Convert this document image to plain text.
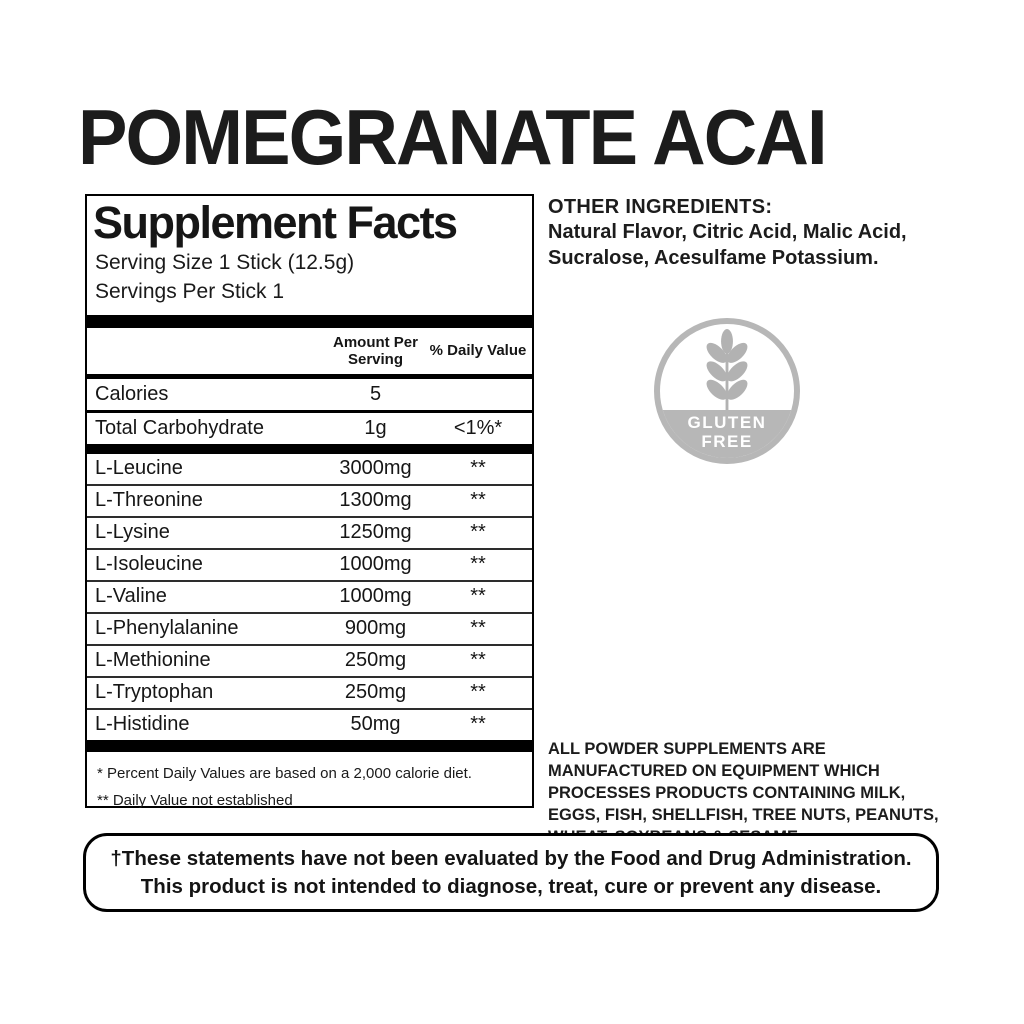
POMEGRANATE ACAI
Supplement Facts
Serving Size 1 Stick (12.5g)
Servings Per Stick 1
Amount Per Serving
% Daily Value
Calories	5
Total Carbohydrate	1g	<1%*
L-Leucine	3000mg	**
L-Threonine	1300mg	**
L-Lysine	1250mg	**
L-Isoleucine	1000mg	**
L-Valine	1000mg	**
L-Phenylalanine	900mg	**
L-Methionine	250mg	**
L-Tryptophan	250mg	**
L-Histidine	50mg	**
* Percent Daily Values are based on a 2,000 calorie diet.
** Daily Value not established
OTHER INGREDIENTS:
Natural Flavor, Citric Acid, Malic Acid, Sucralose, Acesulfame Potassium.
GLUTEN
FREE
ALL POWDER SUPPLEMENTS ARE MANUFACTURED ON EQUIPMENT WHICH PROCESSES PRODUCTS CONTAINING MILK, EGGS, FISH, SHELLFISH, TREE NUTS, PEANUTS,
†These statements have not been evaluated by the Food and Drug Administration.
This product is not intended to diagnose, treat, cure or prevent any disease.
